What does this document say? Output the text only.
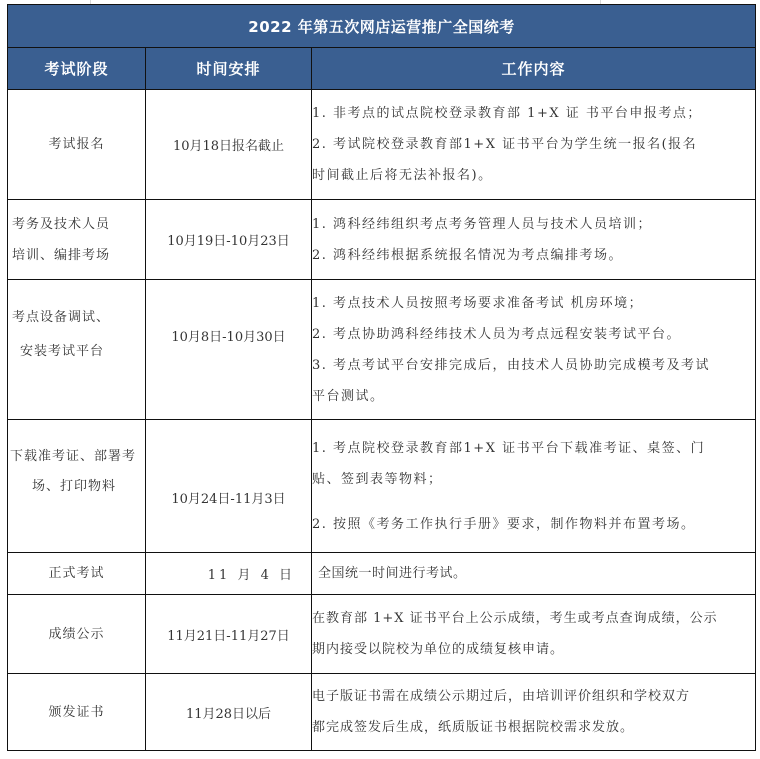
2022 年第五次网店运营推广全国统考		
考试阶段	时间安排	工作内容
考试报名	10月18日报名截止	1. 非考点的试点院校登录教育部 1+X 证 书平台申报考点；
2. 考试院校登录教育部1+X 证书平台为学生统一报名(报名
时间截止后将无法补报名)。

考务及技术人员
培训、编排考场	10月19日-10月23日	1. 鸿科经纬组织考点考务管理人员与技术人员培训；
2. 鸿科经纬根据系统报名情况为考点编排考场。

考点设备调试、
安装考试平台	10月8日-10月30日	1. 考点技术人员按照考场要求准备考试 机房环境；
2. 考点协助鸿科经纬技术人员为考点远程安装考试平台。
3. 考点考试平台安排完成后，由技术人员协助完成模考及考试
平台测试。

下载准考证、部署考
场、打印物料	10月24日-11月3日	1. 考点院校登录教育部1+X 证书平台下载准考证、桌签、门
贴、签到表等物料；
2. 按照《考务工作执行手册》要求，制作物料并布置考场。

正式考试	11 月 4 日	全国统一时间进行考试。

成绩公示	11月21日-11月27日	在教育部 1+X 证书平台上公示成绩，考生或考点查询成绩，公示
期内接受以院校为单位的成绩复核申请。

颁发证书	11月28日以后	电子版证书需在成绩公示期过后，由培训评价组织和学校双方
都完成签发后生成，纸质版证书根据院校需求发放。
